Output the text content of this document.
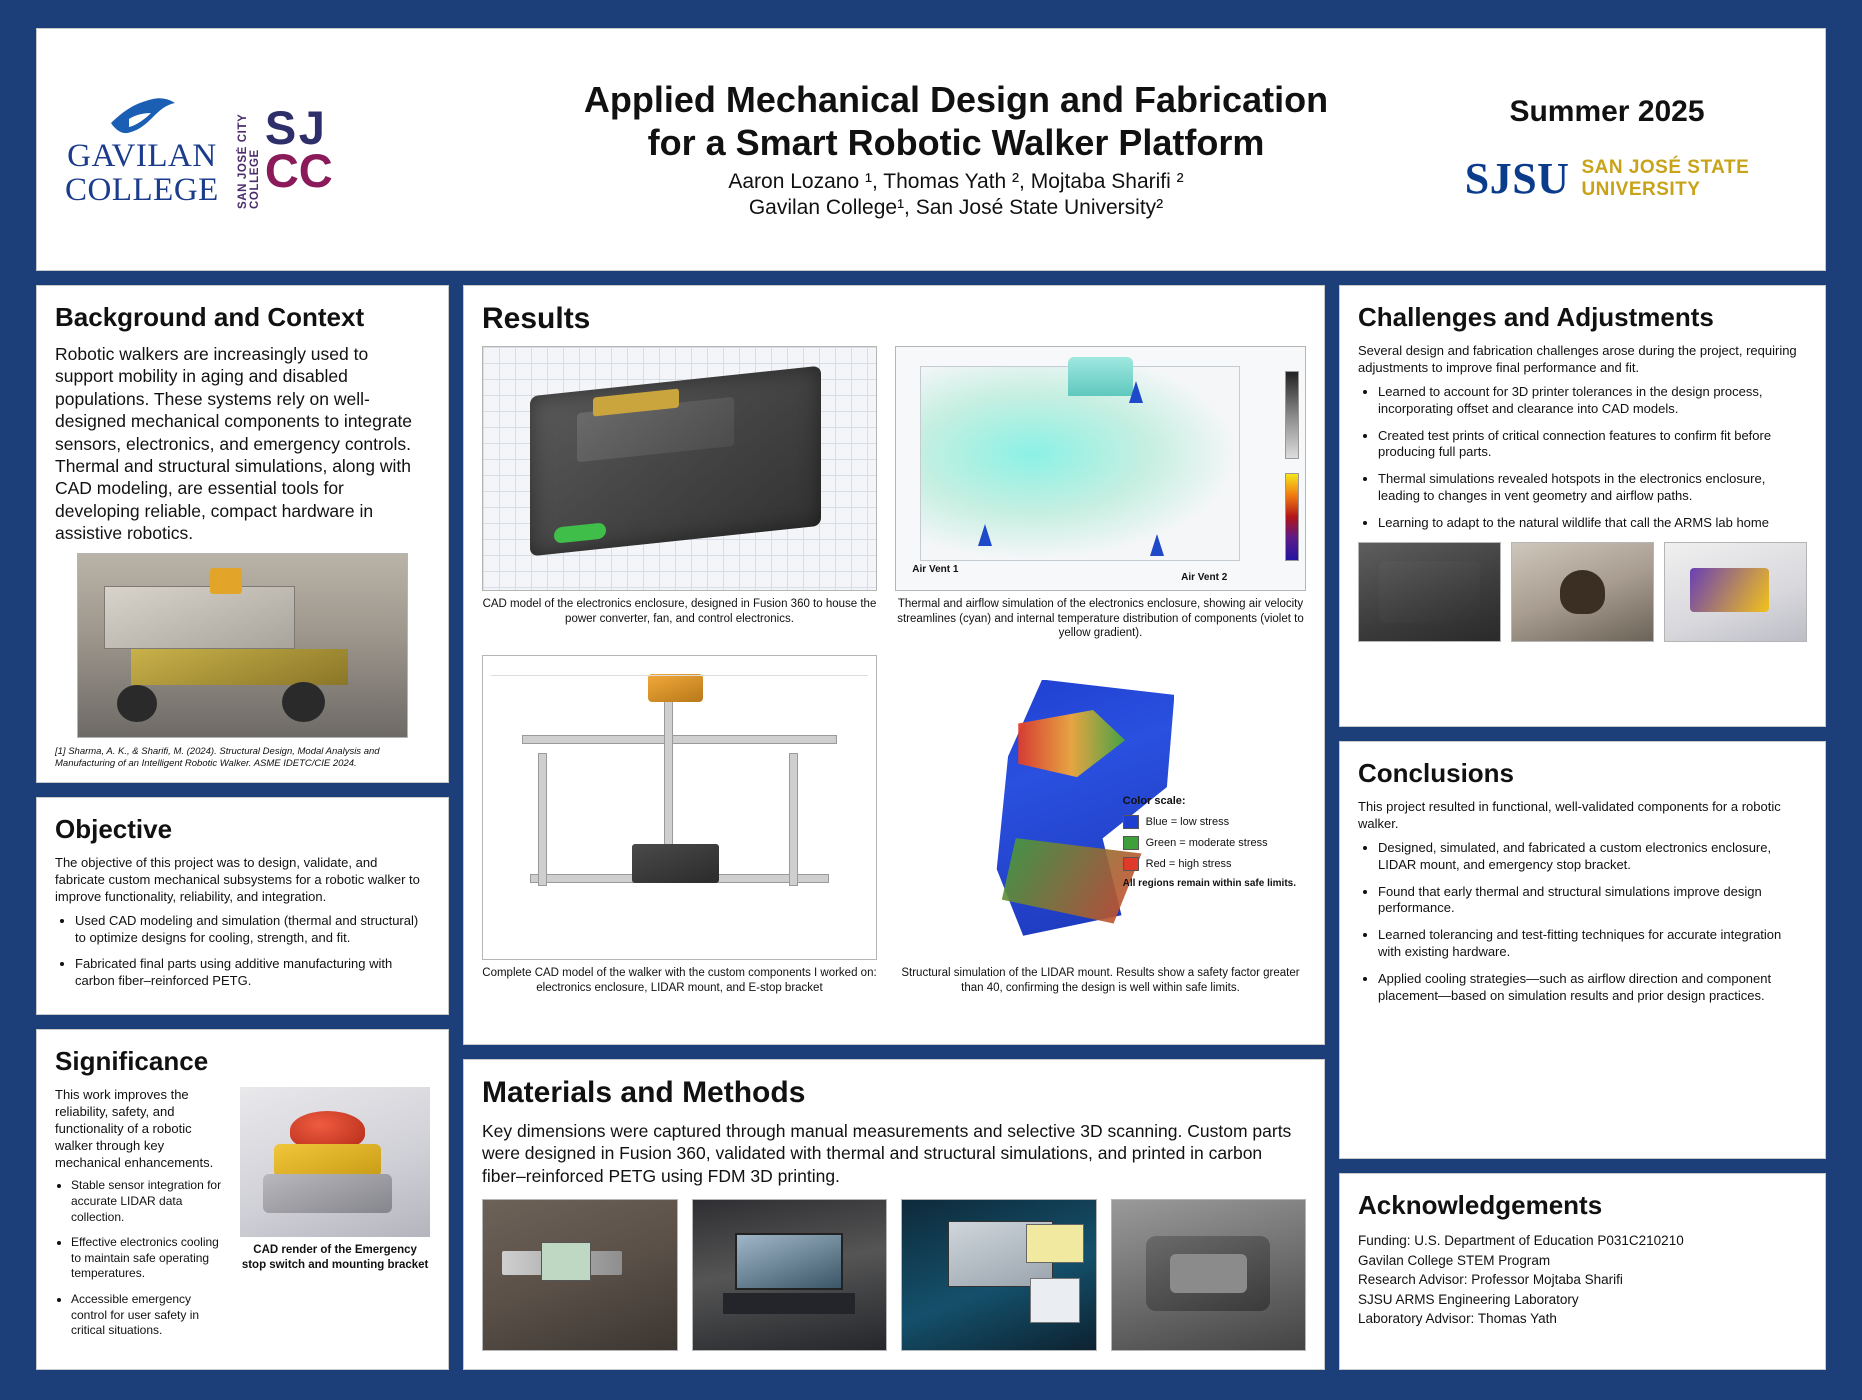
GAVILAN
COLLEGE SAN JOSÉ CITY COLLEGE
S J
C C
Applied Mechanical Design and Fabrication
for a Smart Robotic Walker Platform
Aaron Lozano ¹, Thomas Yath ², Mojtaba Sharifi ²
Gavilan College¹, San José State University²
Summer 2025
SJSU SAN JOSÉ STATE
UNIVERSITY
Background and Context

Robotic walkers are increasingly used to support mobility in aging and disabled populations. These systems rely on well-designed mechanical components to integrate sensors, electronics, and emergency controls. Thermal and structural simulations, along with CAD modeling, are essential tools for developing reliable, compact hardware in assistive robotics.

[1] Sharma, A. K., & Sharifi, M. (2024). Structural Design, Modal Analysis and Manufacturing of an Intelligent Robotic Walker. ASME IDETC/CIE 2024.
Objective

The objective of this project was to design, validate, and fabricate custom mechanical subsystems for a robotic walker to improve functionality, reliability, and integration.

• Used CAD modeling and simulation (thermal and structural) to optimize designs for cooling, strength, and fit.
• Fabricated final parts using additive manufacturing with carbon fiber–reinforced PETG.
Significance

This work improves the reliability, safety, and functionality of a robotic walker through key mechanical enhancements.

• Stable sensor integration for accurate LIDAR data collection.
• Effective electronics cooling to maintain safe operating temperatures.
• Accessible emergency control for user safety in critical situations.
CAD render of the Emergency stop switch and mounting bracket
Results
CAD model of the electronics enclosure, designed in Fusion 360 to house the power converter, fan, and control electronics.
Air Vent 1
Air Vent 2
Thermal and airflow simulation of the electronics enclosure, showing air velocity streamlines (cyan) and internal temperature distribution of components (violet to yellow gradient).
Complete CAD model of the walker with the custom components I worked on: electronics enclosure, LIDAR mount, and E-stop bracket
Color scale:
Blue = low stress
Green = moderate stress
Red = high stress
All regions remain within safe limits.
Structural simulation of the LIDAR mount. Results show a safety factor greater than 40, confirming the design is well within safe limits.
Materials and Methods

Key dimensions were captured through manual measurements and selective 3D scanning. Custom parts were designed in Fusion 360, validated with thermal and structural simulations, and printed in carbon fiber–reinforced PETG using FDM 3D printing.

Challenges and Adjustments

Several design and fabrication challenges arose during the project, requiring adjustments to improve final performance and fit.

• Learned to account for 3D printer tolerances in the design process, incorporating offset and clearance into CAD models.
• Created test prints of critical connection features to confirm fit before producing full parts.
• Thermal simulations revealed hotspots in the electronics enclosure, leading to changes in vent geometry and airflow paths.
• Learning to adapt to the natural wildlife that call the ARMS lab home
Conclusions

This project resulted in functional, well-validated components for a robotic walker.

• Designed, simulated, and fabricated a custom electronics enclosure, LIDAR mount, and emergency stop bracket.
• Found that early thermal and structural simulations improve design performance.
• Learned tolerancing and test-fitting techniques for accurate integration with existing hardware.
• Applied cooling strategies—such as airflow direction and component placement—based on simulation results and prior design practices.
Acknowledgements

Funding: U.S. Department of Education P031C210210

Gavilan College STEM Program

Research Advisor: Professor Mojtaba Sharifi

SJSU ARMS Engineering Laboratory

Laboratory Advisor: Thomas Yath
